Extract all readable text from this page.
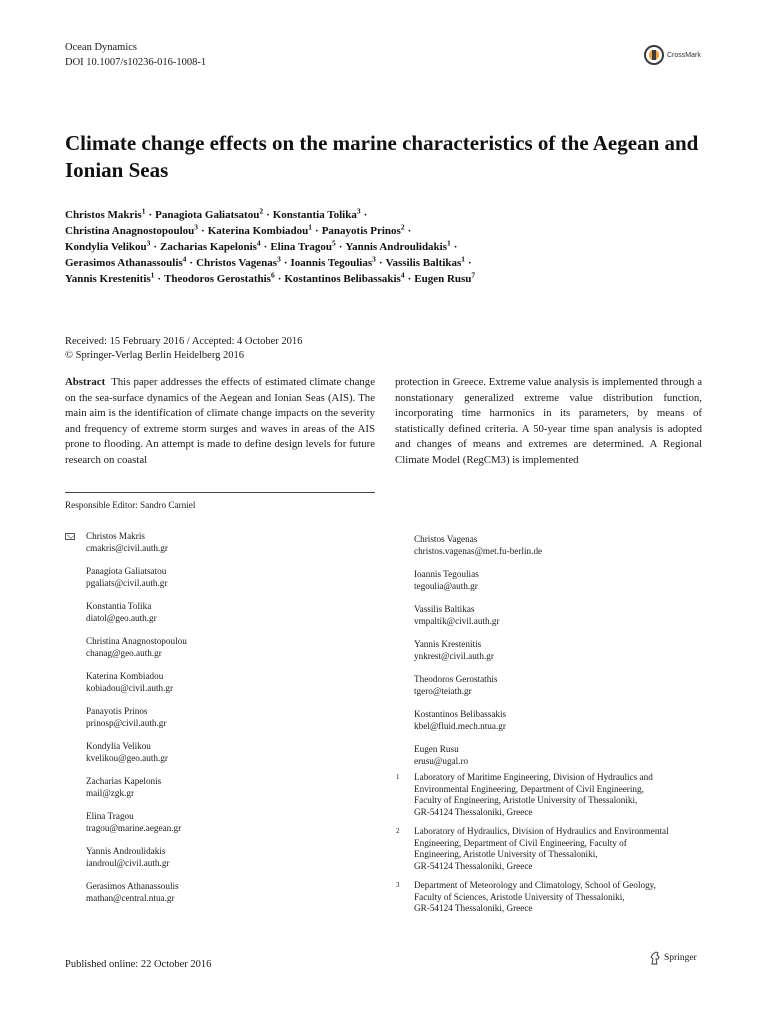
Ocean Dynamics
DOI 10.1007/s10236-016-1008-1
CrossMark
Climate change effects on the marine characteristics of the Aegean and Ionian Seas
Christos Makris$^1$ · Panagiota Galiatsatou$^2$ · Konstantia Tolika$^3$ ·
Christina Anagnostopoulou$^3$ · Katerina Kombiadou$^1$ · Panayotis Prinos$^2$ ·
Kondylia Velikou$^3$ · Zacharias Kapelonis$^4$ · Elina Tragou$^5$ · Yannis Androulidakis$^1$ ·
Gerasimos Athanassoulis$^4$ · Christos Vagenas$^3$ · Ioannis Tegoulias$^3$ · Vassilis Baltikas$^1$ ·
Yannis Krestenitis$^1$ · Theodoros Gerostathis$^6$ · Kostantinos Belibassakis$^4$ · Eugen Rusu$^7$
Received: 15 February 2016 / Accepted: 4 October 2016
© Springer-Verlag Berlin Heidelberg 2016
Abstract This paper addresses the effects of estimated climate change on the sea-surface dynamics of the Aegean and Ionian Seas (AIS). The main aim is the identification of climate change impacts on the severity and frequency of extreme storm surges and waves in areas of the AIS prone to flooding. An attempt is made to define design levels for future research on coastal
protection in Greece. Extreme value analysis is implemented through a nonstationary generalized extreme value distribution function, incorporating time harmonics in its parameters, by means of statistically defined criteria. A 50-year time span analysis is adopted and changes of means and extremes are determined. A Regional Climate Model (RegCM3) is implemented
Responsible Editor: Sandro Carniel
Christos Makris
cmakris@civil.auth.gr
Panagiota Galiatsatou
pgaliats@civil.auth.gr
Konstantia Tolika
diatol@geo.auth.gr
Christina Anagnostopoulou
chanag@geo.auth.gr
Katerina Kombiadou
kobiadou@civil.auth.gr
Panayotis Prinos
prinosp@civil.auth.gr
Kondylia Velikou
kvelikou@geo.auth.gr
Zacharias Kapelonis
mail@zgk.gr
Elina Tragou
tragou@marine.aegean.gr
Yannis Androulidakis
iandroul@civil.auth.gr
Gerasimos Athanassoulis
mathan@central.ntua.gr
Christos Vagenas
christos.vagenas@met.fu-berlin.de
Ioannis Tegoulias
tegoulia@auth.gr
Vassilis Baltikas
vmpaltik@civil.auth.gr
Yannis Krestenitis
ynkrest@civil.auth.gr
Theodoros Gerostathis
tgero@teiath.gr
Kostantinos Belibassakis
kbel@fluid.mech.ntua.gr
Eugen Rusu
erusu@ugal.ro
1	Laboratory of Maritime Engineering, Division of Hydraulics and
Environmental Engineering, Department of Civil Engineering,
Faculty of Engineering, Aristotle University of Thessaloniki,
GR-54124 Thessaloniki, Greece
2	Laboratory of Hydraulics, Division of Hydraulics and Environmental
Engineering, Department of Civil Engineering, Faculty of
Engineering, Aristotle University of Thessaloniki,
GR-54124 Thessaloniki, Greece
3	Department of Meteorology and Climatology, School of Geology,
Faculty of Sciences, Aristotle University of Thessaloniki,
GR-54124 Thessaloniki, Greece
Published online: 22 October 2016
Springer
